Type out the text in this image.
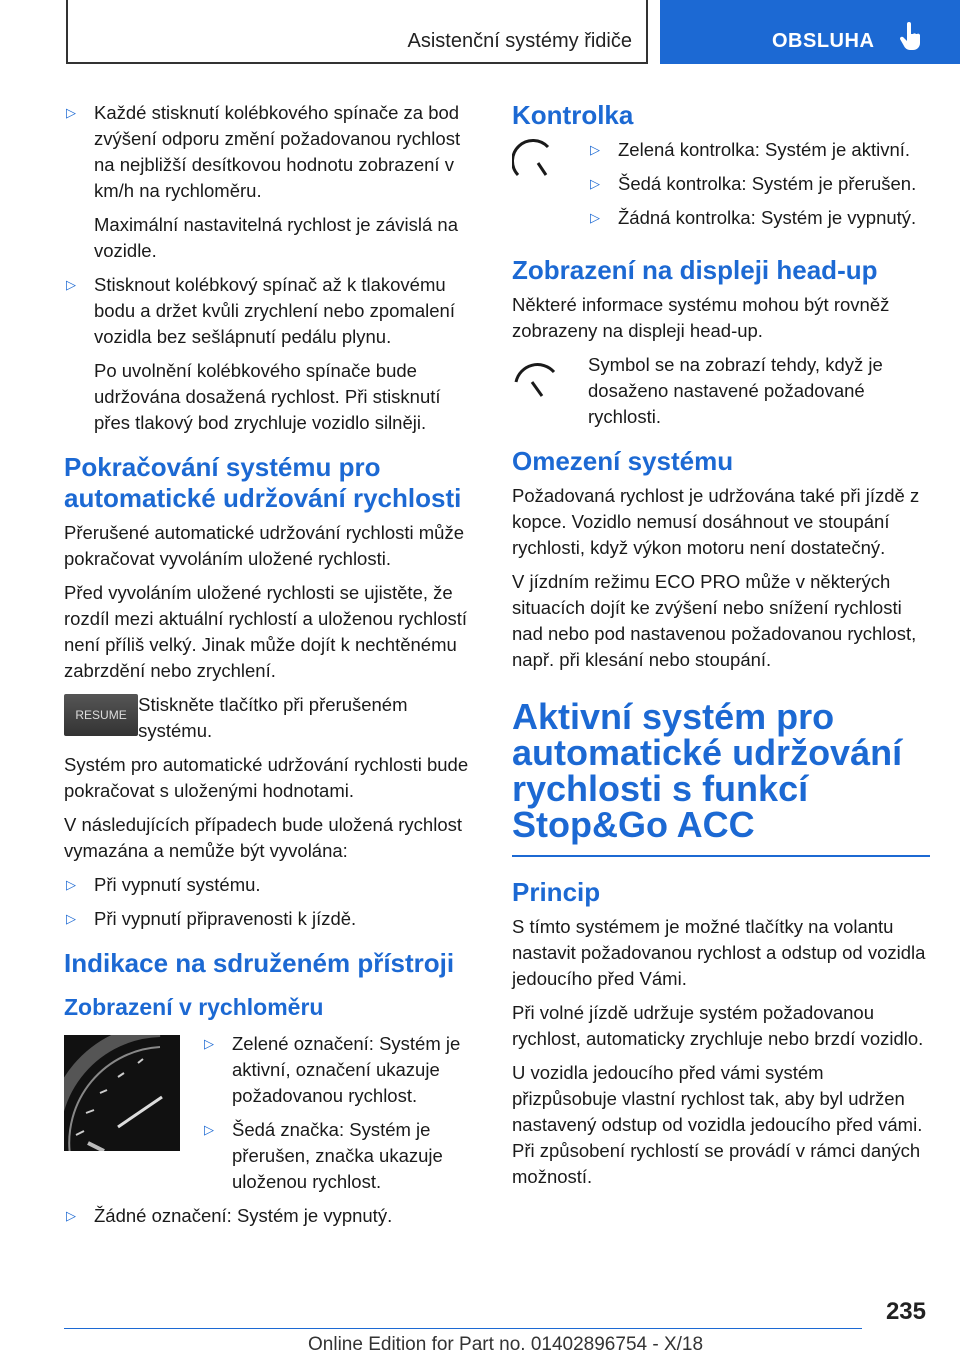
Asistenční systémy řidiče	OBSLUHA
▷ Každé stisknutí kolébkového spínače za bod zvýšení odporu změní požadovanou rychlost na nejbližší desítkovou hodnotu zobrazení v km/h na rychloměru.

Maximální nastavitelná rychlost je závislá na vozidle.

▷ Stisknout kolébkový spínač až k tlakovému bodu a držet kvůli zrychlení nebo zpomalení vozidla bez sešlápnutí pedálu plynu.

Po uvolnění kolébkového spínače bude udržována dosažená rychlost. Při stisknutí přes tlakový bod zrychluje vozidlo silněji.

Pokračování systému pro automatické udržování rychlosti

Přerušené automatické udržování rychlosti může pokračovat vyvoláním uložené rychlosti.

Před vyvoláním uložené rychlosti se ujistěte, že rozdíl mezi aktuální rychlostí a uloženou rychlostí není příliš velký. Jinak může dojít k nechtěnému zabrzdění nebo zrychlení.

RESUME Stiskněte tlačítko při přerušeném systému.

Systém pro automatické udržování rychlosti bude pokračovat s uloženými hodnotami.

V následujících případech bude uložená rychlost vymazána a nemůže být vyvolána:

▷ Při vypnutí systému.
▷ Při vypnutí připravenosti k jízdě.
Indikace na sdruženém přístroji
Zobrazení v rychloměru
▷ Zelené označení: Systém je aktivní, označení ukazuje požadovanou rychlost.
▷ Šedá značka: Systém je přerušen, značka ukazuje uloženou rychlost.
▷ Žádné označení: Systém je vypnutý.
Kontrolka
▷ Zelená kontrolka: Systém je aktivní.
▷ Šedá kontrolka: Systém je přerušen.
▷ Žádná kontrolka: Systém je vypnutý.
Zobrazení na displeji head-up

Některé informace systému mohou být rovněž zobrazeny na displeji head-up.

Symbol se na zobrazí tehdy, když je dosaženo nastavené požadované rychlosti.

Omezení systému

Požadovaná rychlost je udržována také při jízdě z kopce. Vozidlo nemusí dosáhnout ve stoupání rychlosti, když výkon motoru není dostatečný.

V jízdním režimu ECO PRO může v některých situacích dojít ke zvýšení nebo snížení rychlosti nad nebo pod nastavenou požadovanou rychlost, např. při klesání nebo stoupání.

Aktivní systém pro automatické udržování rychlosti s funkcí Stop&Go ACC
Princip

S tímto systémem je možné tlačítky na volantu nastavit požadovanou rychlost a odstup od vozidla jedoucího před Vámi.

Při volné jízdě udržuje systém požadovanou rychlost, automaticky zrychluje nebo brzdí vozidlo.

U vozidla jedoucího před vámi systém přizpůsobuje vlastní rychlost tak, aby byl udržen nastavený odstup od vozidla jedoucího před vámi. Při způsobení rychlostí se provádí v rámci daných možností.

235
Online Edition for Part no. 01402896754 - X/18
